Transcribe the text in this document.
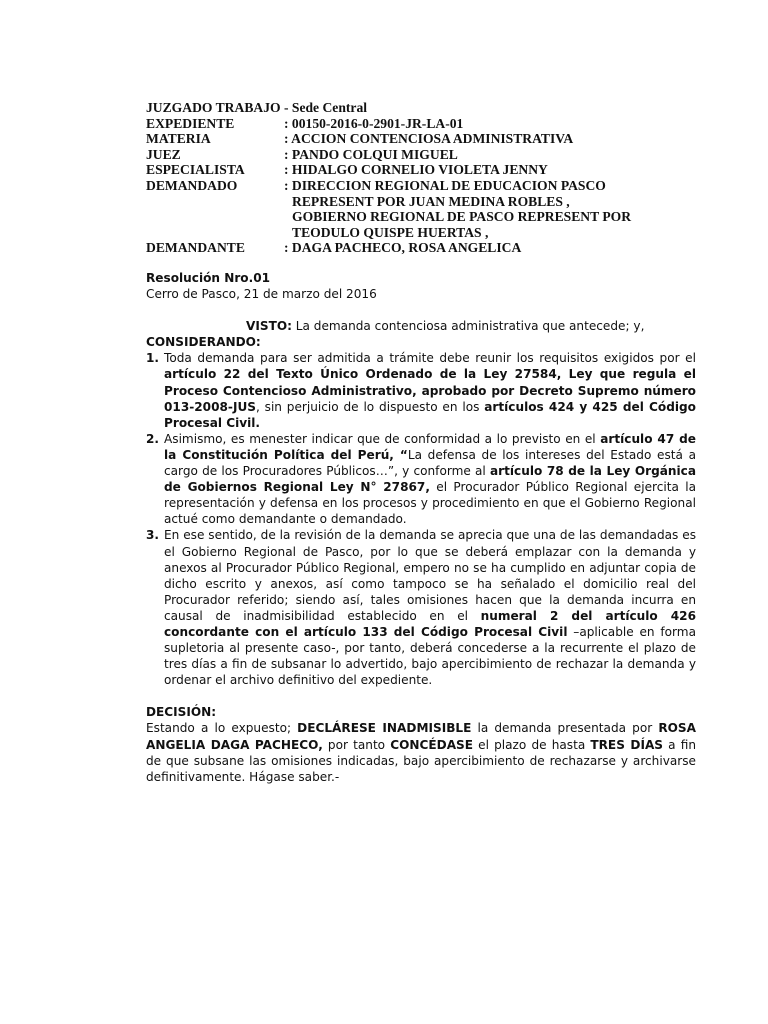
JUZGADO TRABAJO - Sede Central
EXPEDIENTE	: 00150-2016-0-2901-JR-LA-01
MATERIA	: ACCION CONTENCIOSA ADMINISTRATIVA
JUEZ	: PANDO COLQUI MIGUEL
ESPECIALISTA	: HIDALGO CORNELIO VIOLETA JENNY
DEMANDADO	: DIRECCION REGIONAL DE EDUCACION PASCO
REPRESENT POR JUAN MEDINA ROBLES ,
GOBIERNO REGIONAL DE PASCO REPRESENT POR
TEODULO QUISPE HUERTAS ,
DEMANDANTE	: DAGA PACHECO, ROSA ANGELICA

Resolución Nro.01

Cerro de Pasco, 21 de marzo del 2016

VISTO: La demanda contenciosa administrativa que antecede; y,

CONSIDERANDO:

1. Toda demanda para ser admitida a trámite debe reunir los requisitos exigidos por el artículo 22 del Texto Único Ordenado de la Ley 27584, Ley que regula el Proceso Contencioso Administrativo, aprobado por Decreto Supremo número 013-2008-JUS, sin perjuicio de lo dispuesto en los artículos 424 y 425 del Código Procesal Civil.
2. Asimismo, es menester indicar que de conformidad a lo previsto en el artículo 47 de la Constitución Política del Perú, “La defensa de los intereses del Estado está a cargo de los Procuradores Públicos…”, y conforme al artículo 78 de la Ley Orgánica de Gobiernos Regional Ley N° 27867, el Procurador Público Regional ejercita la representación y defensa en los procesos y procedimiento en que el Gobierno Regional actué como demandante o demandado.
3. En ese sentido, de la revisión de la demanda se aprecia que una de las demandadas es el Gobierno Regional de Pasco, por lo que se deberá emplazar con la demanda y anexos al Procurador Público Regional, empero no se ha cumplido en adjuntar copia de dicho escrito y anexos, así como tampoco se ha señalado el domicilio real del Procurador referido; siendo así, tales omisiones hacen que la demanda incurra en causal de inadmisibilidad establecido en el numeral 2 del artículo 426 concordante con el artículo 133 del Código Procesal Civil –aplicable en forma supletoria al presente caso-, por tanto, deberá concederse a la recurrente el plazo de tres días a fin de subsanar lo advertido, bajo apercibimiento de rechazar la demanda y ordenar el archivo definitivo del expediente.

DECISIÓN:

Estando a lo expuesto; DECLÁRESE INADMISIBLE la demanda presentada por ROSA ANGELIA DAGA PACHECO, por tanto CONCÉDASE el plazo de hasta TRES DÍAS a fin de que subsane las omisiones indicadas, bajo apercibimiento de rechazarse y archivarse definitivamente. Hágase saber.-
